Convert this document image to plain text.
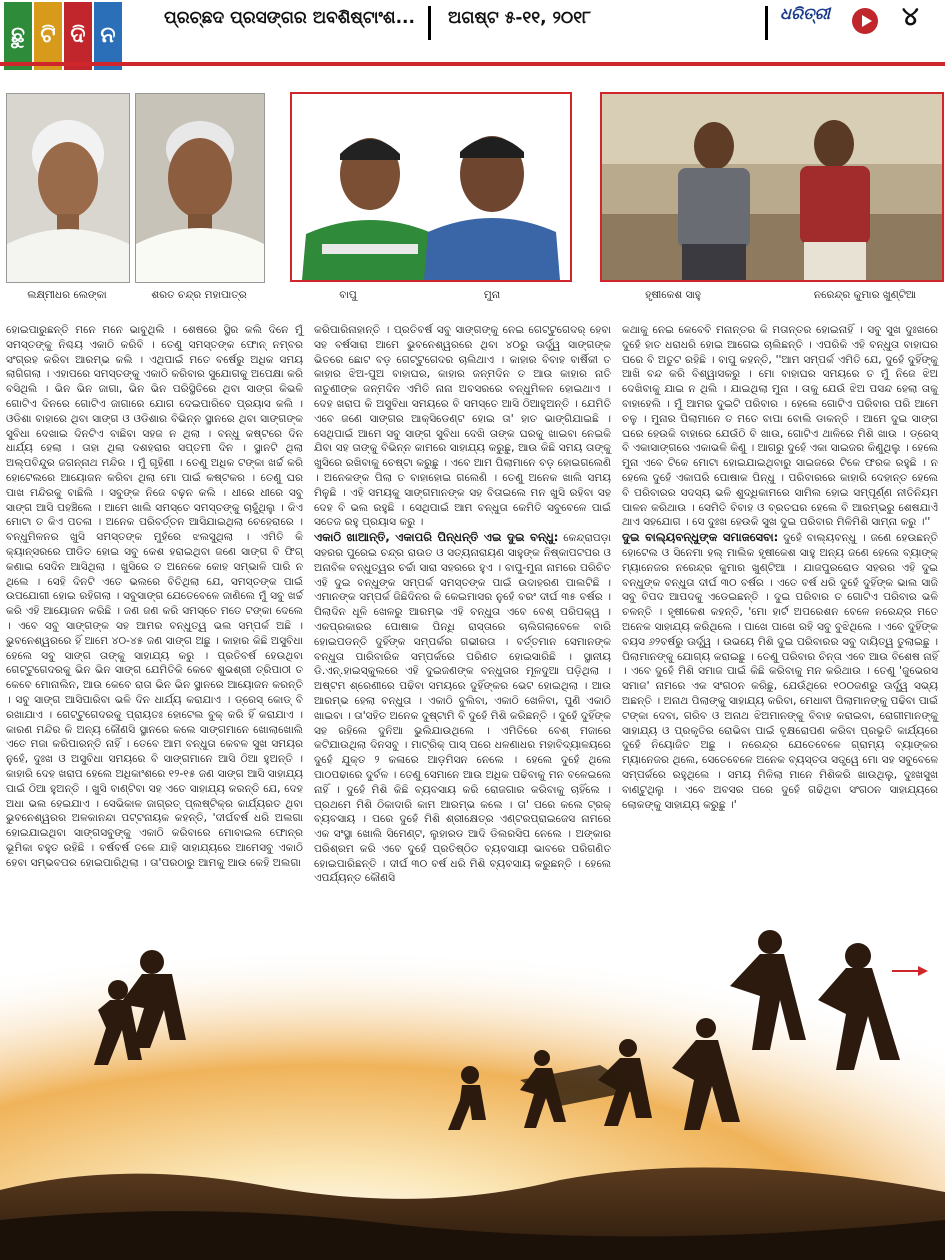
ଛୁ ଟି ଦି ନ
ପ୍ରଚ୍ଛଦ ପ୍ରସଙ୍ଗର ଅବଶିଷ୍ଟାଂଶ... ଅଗଷ୍ଟ ୫-୧୧, ୨୦୧୮	ଧରିତ୍ରୀ	୪
ଲକ୍ଷ୍ମୀଧର ଲେଙ୍କା	ଶରତ ଚନ୍ଦ୍ର ମହାପାତ୍ର	ବାପୁ	ମୁନା	ହୃଷୀକେଶ ସାହୁ	ନରେନ୍ଦ୍ର କୁମାର ଖୁଣ୍ଟିଆ

ହୋଇପାରୁଛନ୍ତି ମନେ ମନେ ଭାବୁଥିଲି । ଶେଷରେ ସ୍ଥିର କଲି ଦିନେ ମୁଁ ସମସ୍ତଙ୍କୁ ନିଶ୍ଚୟ ଏକାଠି କରିବି । ତେଣୁ ସମସ୍ତଙ୍କ ଫୋନ୍ ନମ୍ବର ସଂଗ୍ରହ କରିବା ଆରମ୍ଭ କଲି । ଏଥିପାଇଁ ମତେ ବର୍ଷେରୁ ଅଧିକ ସମୟ ଲାଗିଗଲା । ଏହାପରେ ସମସ୍ତଙ୍କୁ ଏକାଠି କରିବାର ସୁଯୋଗକୁ ଅପେକ୍ଷା କରି ବସିଥିଲି । ଭିନ ଭିନ ଜାଗା, ଭିନ ଭିନ ପରିସ୍ଥିତିରେ ଥିବା ସାଙ୍ଗ କିଭଳି ଗୋଟିଏ ଦିନରେ ଗୋଟିଏ ଜାଗାରେ ଯୋଗ ଦେଇପାରିବେ ପ୍ରୟାସ କଲି । ଓଡିଶା ବାହାରେ ଥିବା ସାଙ୍ଗ ଓ ଓଡିଶାର ବିଭିନ୍ନ ସ୍ଥାନରେ ଥିବା ସାଙ୍ଗଙ୍କ ସୁବିଧା ଦେଖାଇ ଦିନଟିଏ ବାଛିବା ସହଜ ନ ଥିଲା । ବନ୍ଧୁ କଷ୍ଟରେ ଦିନ ଧାର୍ଯ୍ୟ ହେଲା । ତାହା ଥିଲା ଦଶହରାର ସପ୍ତମୀ ଦିନ । ସ୍ଥାନଟି ଥିଲା ଅଲ୍ପବିନ୍ଦୁର ଜଗନ୍ନାଥ ମନ୍ଦିର । ମୁଁ ଗୃହିଣୀ । ତେଣୁ ଅଧିକ ଟଙ୍କା ଖର୍ଚ୍ଚ କରି ହୋଟେଲରେ ଆୟୋଜନ କରିବା ଥିଲା ମୋ ପାଇଁ କଷ୍ଟକର । ତେଣୁ ଘର ପାଖ ମନ୍ଦିରକୁ ବାଛିଲି । ସବୁଙ୍କ ନିଜେ ବଢ଼ନ କଲି । ଧୀରେ ଧୀରେ ସବୁ ସାଙ୍ଗ ଆସି ପହଞ୍ଚିଲେ । ଆମେ ଖାଲି ସମସ୍ତେ ସମସ୍ତଙ୍କୁ ଚାହୁଁଥିଲୁ । କିଏ ମୋଟା ତ କିଏ ପତଳା । ଅନେକ ପରିବର୍ତ୍ତନ ଆସିଯାଇଥିଲା ଚେହେରାରେ । ବନ୍ଧୁମିଳନର ଖୁସି ସମସ୍ତଙ୍କ ମୁହଁରେ ଝଲସୁଥିଲା । ଏମିତି କି କ୍ୟାନ୍ସରରେ ପୀଡିତ ହୋଇ ସବୁ କେଶ ହରାଇଥିବା ଜଣେ ସାଙ୍ଗ ବି ଫିଗ୍ କଣାଇ ସେଦିନ ଆସିଥିଲା । ଖୁସିରେ ତ ଅନେକେ କୋହ ସମ୍ଭାଳି ପାରି ନ ଥିଲେ । ସେହି ଦିନଟି ଏତେ ଭଲରେ ବିତିଥିଲା ଯେ, ସମସ୍ତଙ୍କ ପାଇଁ ଉପଯୋଗୀ ହୋଇ ରହିଗଲା । ସବୁସାଙ୍ଗ ଯେତେବେଳେ ଜାଣିଲେ ମୁଁ ସବୁ ଖର୍ଚ୍ଚ କରି ଏହି ଆୟୋଜନ କରିଛି । ଜଣ ଜଣ କରି ସମସ୍ତେ ମତେ ଟଙ୍କା ଦେଲେ । ଏବେ ସବୁ ସାଙ୍ଗଙ୍କ ସହ ଆମର ବନ୍ଧୁତ୍ୱ ଭଲ ସମ୍ପର୍କ ଅଛି । ଭୁବନେଶ୍ୱରରେ ହିଁ ଆମେ ୪୦-୪୫ ଜଣ ସାଙ୍ଗ ଅଛୁ । କାହାର କିଛି ଅସୁବିଧା ହେଲେ ସବୁ ସାଙ୍ଗ ତାଙ୍କୁ ସାହାଯ୍ୟ କରୁ । ପ୍ରତିବର୍ଷ ହେଉଥିବା ଗେଟ୍ଟୁଗେଦରକୁ ଭିନ ଭିନ ସାଙ୍ଗ ଯେମିତିକି କେବେ ଶୁଭଶ୍ରୀ ତ୍ରିପାଠୀ ତ କେବେ ମୋନାଲିନ, ଆଉ କେବେ ରାତା ଭିନ ଭିନ ସ୍ଥାନରେ ଆୟୋଜନ କରନ୍ତି । ସବୁ ସାଙ୍ଗ ଆସିପାରିବା ଭଳି ଦିନ ଧାର୍ଯ୍ୟ କରାଯାଏ । ଡ୍ରେସ୍ କୋଡ୍ ବି ରଖାଯାଏ । ଗେଟ୍ଟୁଗେଦରକୁ ପ୍ରାୟତଃ ହୋଟେଲ ବୁକ୍ କରି ହିଁ କରାଯାଏ । କାରଣ ମନ୍ଦିର କି ଅନ୍ୟ କୌଣସି ସ୍ଥାନରେ କଲେ ସାଙ୍ଗମାନେ ଖୋଲାଖୋଲି ଏତେ ମଜା କରିପାରନ୍ତି ନାହିଁ । ତେବେ ଆମ ବନ୍ଧୁତା କେବଳ ସୁଖ ସମୟର ନୁହେଁ, ଦୁଃଖ ଓ ଅସୁବିଧା ସମୟରେ ବି ସାଙ୍ଗମାନେ ଆସି ଠିଆ ହୁଅନ୍ତି । କାହାରି ଦେହ ଖରାପ ହେଲେ ଅଧିକାଂଶରେ ୧୨-୧୫ ଜଣ ସାଙ୍ଗ ଆସି ସାହାଯ୍ୟ ପାଇଁ ଠିଆ ହୁଅନ୍ତି । ଖୁସି ବାଣ୍ଟିବା ସହ ଏତେ ସାହାଯ୍ୟ କରନ୍ତି ଯେ, ଦେହ ଅଧା ଭଲ ହେଇଯାଏ । ସେଭିକାଳ ଜାଗ୍ରତ୍ ପ୍ଲଷ୍ଟିକ୍‌ର କାର୍ଯ୍ୟରତ ଥିବା ଭୁବନେଶ୍ୱରର ଅଳକାନନ୍ଦା ପଟ୍ଟନାୟକ କହନ୍ତି, 'ଦୀର୍ଘବର୍ଷ ଧରି ଅଲଗା ହୋଇଯାଇଥିବା ସାଙ୍ଗସବୁଙ୍କୁ ଏକାଠି କରିବାରେ ମୋବାଇଲ ଫୋନ୍‌ର ଭୂମିକା ବହୁତ ରହିଛି । ବର୍ଷବର୍ଷ ତଳେ ଯାହି ସାହାଯ୍ୟରେ ଆମେସବୁ ଏକାଠି ହେବା ସମ୍ଭବପର ହୋଇପାରିଥିଲା । ତା'ପରଠାରୁ ଆମକୁ ଆଉ କେହି ଅଲଗା

କରିପାରିନାହାନ୍ତି । ପ୍ରତିବର୍ଷ ସବୁ ସାଙ୍ଗଙ୍କୁ ନେଇ ଗେଟ୍ଟୁଗେଦର୍ ହେବା ସହ ବର୍ଷସାରା ଆମେ ଭୁବନେଶ୍ୱରରେ ଥିବା ୪୦ରୁ ଊର୍ଦ୍ଧ୍ୱ ସାଙ୍ଗଙ୍କ ଭିତରେ ଛୋଟ ବଡ଼ ଗେଟ୍ଟୁଗେଦର ଚାଲିଥାଏ । କାହାର ବିବାହ ବାର୍ଷିକୀ ତ କାହାର ଝିଅ-ପୁଅ ବାହାଘର, କାହାର ଜନ୍ମଦିନ ତ ଆଉ କାହାର ନାତି ନାତୁଣୀଙ୍କ ଜନ୍ମଦିନ ଏମିତି ନାନା ଅବସରରେ ବନ୍ଧୁମିଳନ ହୋଇଥାଏ । ଦେହ ଖରାପ କି ଅସୁବିଧା ସମୟରେ ବି ସମସ୍ତେ ଆସି ଠିଆହୁଅନ୍ତି । ଯେମିତି ଏବେ ଜଣେ ସାଙ୍ଗର ଆକ୍ସିଡେଣ୍ଟ ହୋଇ ତା' ହାତ ଭାଙ୍ଗିଯାଇଛି । ସେଥିପାଇଁ ଆମେ ସବୁ ସାଙ୍ଗ ସୁବିଧା ଦେଖି ତାଙ୍କ ଘରକୁ ଖାଇବା ନେଇକି ଯିବା ସହ ତାଙ୍କୁ ବିଭିନ୍ନ କାମରେ ସାହାଯ୍ୟ କରୁଛୁ, ଆଉ କିଛି ସମୟ ତାଙ୍କୁ ଖୁସିରେ ରଖିବାକୁ ଚେଷ୍ଟା କରୁଛୁ । ଏବେ ଆମ ପିଲାମାନେ ବଡ଼ ହୋଇଗଲେଣି । ଅନେକଙ୍କ ପିଲା ତ ବାହାହୋଇ ଗଲେଣି । ତେଣୁ ଅନେକ ଖାଲି ସମୟ ମିଳୁଛି । ଏହି ସମୟକୁ ସାଙ୍ଗମାନଙ୍କ ସହ ବିତାଇଲେ ମନ ଖୁସି ରହିବା ସହ ଦେହ ବି ଭଲ ରହୁଛି । ସେଥିପାଇଁ ଆମ ବନ୍ଧୁତା କେମିତି ସବୁବେଳେ ପାଇଁ ସତେଜ ରହୁ ପ୍ରୟାସ କରୁ ।

ଏକାଠି ଖାଆନ୍ତି, ଏକାପରି ପିନ୍ଧନ୍ତି ଏଇ ଦୁଇ ବନ୍ଧୁ: କେନ୍ଦ୍ରାପଡ଼ା ସହରର ପୁରେଇ ଚନ୍ଦ୍ର ରାଉତ ଓ ସତ୍ୟନାରାୟଣ ସାହୁଙ୍କ ନିଷ୍କାପଟପର ଓ ଅନାବିଳ ବନ୍ଧୁତ୍ୱର ଚର୍ଚ୍ଚା ସାରା ସହରରେ ହୁଏ । ବାପୁ-ମୁନା ନାମରେ ପରିଚିତ ଏହି ଦୁଇ ବନ୍ଧୁଙ୍କ ସମ୍ପର୍କ ସମସ୍ତଙ୍କ ପାଇଁ ଉଦାହରଣ ପାଲଟିଛି । ଏମାନଙ୍କ ସମ୍ପର୍କ ଜିଛିଦିନର କି କେଇମାସର ନୁହେଁ ବରଂ ଦୀର୍ଘ ୩୫ ବର୍ଷର । ପିଲାଦିନ ଧୂଳି ଖେଳରୁ ଆରମ୍ଭ ଏହି ବନ୍ଧୁତା ଏବେ ବେଶ୍ ପରିପକ୍ୱ । ଏକପ୍ରକାରର ପୋଷାକ ପିନ୍ଧି ରାସ୍ତାରେ ଚାଲିଗଲାବେଳେ ବାରି ହୋଇପଡନ୍ତି ଦୁହିଁଙ୍କ ସମ୍ପର୍କର ଗଭୀରତା । ବର୍ତ୍ତମାନ ସେମାନଙ୍କ ବନ୍ଧୁତା ପାରିବାରିକ ସମ୍ପର୍କରେ ପରିଣତ ହୋଇସାରିଛି । ସ୍ଥାନୀୟ ଡି.ଏନ୍.ହାଇସ୍କୁଲରେ ଏହି ଦୁଇଜଣଙ୍କ ବନ୍ଧୁତାର ମୂଳଦୁଆ ପଡ଼ିଥିଲା । ଅଷ୍ଟମ ଶ୍ରେଣୀରେ ପଢିବା ସମୟରେ ଦୁହିଁଙ୍କର ଭେଟ ହୋଇଥିଲା । ଆଉ ଆରମ୍ଭ ହେଲା ବନ୍ଧୁତା । ଏକାଠି ବୁଲିବା, ଏକାଠି ଖେଳିବା, ପୁଣି ଏକାଠି ଖାଇବା । ତା'ସହିତ ଅନେକ ଦୁଷ୍ଟାମି ବି ଦୁହେଁ ମିଶି କରିଛନ୍ତି । ଦୁହେଁ ଦୁହିଁଙ୍କ ସହ ରହିଲେ ଦୁନିଆ ଭୁଲିଯାଉଥିଲେ । ଏମିତିରେ ବେଶ୍ ମଜାରେ କଟିଯାଉଥିଲା ଦିନସବୁ । ମାଟ୍ରିକ୍ ପାସ୍ ପରେ ଧଳଣାଧର ମହାବିଦ୍ୟାଳୟରେ ଦୁହେଁ ଯୁକ୍ତ ୨ କଳାରେ ଆଡ଼ମିସନ ନେଲେ । ହେଲେ ଦୁହେଁ ଥିଲେ ପାଠପଢାରେ ଦୁର୍ବଳ । ତେଣୁ ସେମାନେ ଆଉ ଅଧିକ ପଢିବାକୁ ମନ ବଳେଇଲେ ନାହିଁ । ଦୁହେଁ ମିଶି କିଛି ବ୍ୟବସାୟ କରି ରୋଜଗାର କରିବାକୁ ଚାହିଁଲେ । ପ୍ରଥମେ ମିଶି ଠିକାଦାରି କାମ ଆରମ୍ଭ କଲେ । ତା' ପରେ କଲେ ଟ୍ରକ୍ ବ୍ୟବସାୟ । ପରେ ଦୁହେଁ ମିଶି ଶ୍ରୀକ୍ଷେତ୍ର ଏଣ୍ଟରପ୍ରାଇଜେସ ନାମରେ ଏକ ସଂସ୍ଥା ଖୋଲି ସିମେଣ୍ଟ, ଲୁହାରଡ ଆଦି ଡିଲରସିପ ନେଲେ । ଅଙ୍କାର ପରିଶ୍ରମ କରି ଏବେ ଦୁହେଁ ପ୍ରତିଷ୍ଠିତ ବ୍ୟବସାୟୀ ଭାବରେ ପରିଗଣିତ ହୋଇପାରିଛନ୍ତି । ଦୀର୍ଘ ୩୦ ବର୍ଷ ଧରି ମିଶି ବ୍ୟବସାୟ କରୁଛନ୍ତି । ହେଲେ ଏପର୍ଯ୍ୟନ୍ତ କୌଣସି

କଥାକୁ ନେଇ କେବେବି ମନାନ୍ତର କି ମତାନ୍ତର ହୋଇନାହିଁ । ସବୁ ସୁଖ ଦୁଃଖରେ ଦୁହେଁ ହାତ ଧରାଧରି ହୋଇ ଆଗେଇ ଚାଲିଛନ୍ତି । ଏପରିକି ଏହି ବନ୍ଧୁତା ବାହାଘର ପରେ ବି ଅତୁଟ ରହିଛି । ବାପୁ କହନ୍ତି, ''ଆମ ସମ୍ପର୍କ ଏମିତି ଯେ, ଦୁହେଁ ଦୁହିଁଙ୍କୁ ଆଖି ବନ୍ଦ କରି ବିଶ୍ୱାସକରୁ । ମୋ ବାହାଘର ସମୟରେ ତ ମୁଁ ନିଜେ ଝିଅ ଦେଖିବାକୁ ଯାଇ ନ ଥିଲି । ଯାଇଥିଲା ମୁନା । ତାକୁ ଯେଉଁ ଝିଅ ପସନ୍ଦ ହେଲା ତାକୁ ବାହାହେଲି । ମୁଁ ଆମର ଦୁଇଟି ପରିବାର । ହେଲେ ଗୋଟିଏ ପରିବାର ପରି ଆମେ ଚଳୁ । ମୁନାର ପିଲାମାନେ ତ ମତେ ବାପା ବୋଲି ଡାକନ୍ତି । ଆମେ ଦୁଇ ସାଙ୍ଗ ଘରେ ହେଉକି ବାହାରେ ଯେଉଁଠି ବି ଖାଉ, ଗୋଟିଏ ଥାଳିରେ ମିଶି ଖାଉ । ଡ୍ରେସ୍ ବି ଏକାସାଙ୍ଗରେ ଏକାଭଳି କିଣୁ । ଆଗରୁ ଦୁହେଁ ଏକା ସାଇଜର କିଣୁଥିଲୁ । ହେଲେ ମୁନା ଏବେ ଟିକେ ମୋଟା ହୋଇଯାଇଥିବାରୁ ସାଇଜରେ ଟିକେ ଫରକ ରହୁଛି । ନ ହେଲେ ଦୁହେଁ ଏକାପରି ପୋଷାକ ପିନ୍ଧୁ । ପରିବାରରେ କାହାରି ଦେହାନ୍ତ ହେଲେ ବି ପରିବାରର ସଦସ୍ୟ ଭଳି ଶୁଦ୍ଧିକାମରେ ସାମିଲ ହୋଇ ସମ୍ପୂର୍ଣ୍ଣ ନୀତିନିୟମ ପାଳନ କରିଥାଉ । ସେମିତି ବିବାହ ଓ ବ୍ରତଘର ହେଲେ ବି ଆରମ୍ଭରୁ ଶେଷଯାଏଁ ଥାଏ ସହଯୋଗ । ସେ ଦୁଃଖ ହେଉକି ସୁଖ ଦୁଇ ପରିବାର ମିଳିମିଶି ସାମ୍ନା କରୁ ।''

ଦୁଇ ବାଲ୍ୟବନ୍ଧୁଙ୍କ ସମାଜସେବା: ଦୁହେଁ ବାଲ୍ୟବନ୍ଧୁ । ଜଣେ ହେଉଛନ୍ତି ହୋଟେଲ ଓ ସିନେମା ହଲ୍ ମାଲିକ ହୃଷୀକେଶ ସାହୁ ଅନ୍ୟ ଜଣେ ହେଲେ ବ୍ୟାଙ୍କ୍ ମ୍ୟାନେଜର ନରେନ୍ଦ୍ର କୁମାର ଖୁଣ୍ଟିଆ । ଯାଜପୁରରୋଡ ସହରର ଏହି ଦୁଇ ବନ୍ଧୁଙ୍କ ବନ୍ଧୁତା ଦୀର୍ଘ ୩୦ ବର୍ଷର । ଏତେ ବର୍ଷ ଧରି ଦୁହେଁ ଦୁହିଁଙ୍କ ଭାଲ ସାଜି ସବୁ ବିପଦ ଆପଦକୁ ଏଡେଇଛନ୍ତି । ଦୁଇ ପରିବାର ତ ଗୋଟିଏ ପରିବାର ଭଳି ଚଳନ୍ତି । ହୃଷୀକେଶ କହନ୍ତି, 'ମୋ ହାର୍ଟ ଅପରେଶନ ବେଳେ ନରେନ୍ଦ୍ର ମତେ ଅନେକ ସାହାଯ୍ୟ କରିଥିଲେ । ପାଖେ ପାଖେ ରହି ସବୁ ବୁଝିଥିଲେ । ଏବେ ଦୁହିଁଙ୍କ ବୟସ ୬୨ବର୍ଷରୁ ଊର୍ଦ୍ଧ୍ୱ । ଉଭୟେ ମିଶି ଦୁଇ ପରିବାରର ସବୁ ଦାୟିତ୍ୱ ତୁଲାଇଛୁ । ପିଲାମାନଙ୍କୁ ଯୋଗ୍ୟ କରାଇଛୁ । ତେଣୁ ପରିବାର ଚିନ୍ତା ଏବେ ଆଉ ବିଶେଷ ନାହିଁ । ଏବେ ଦୁହେଁ ମିଶି ସମାଜ ପାଇଁ କିଛି କରିବାକୁ ମନ କରିଥାଉ । ତେଣୁ 'ଜୁଭେରସ ସମାଜ' ନାମରେ ଏକ ସଂଗଠନ କରିଛୁ, ଯେଉଁଥିରେ ୧୦୦ଜଣରୁ ଊର୍ଦ୍ଧ୍ୱ ସଭ୍ୟ ଅଛନ୍ତି । ଅନାଥ ପିଲାଙ୍କୁ ସାହାଯ୍ୟ କରିବା, ମେଧାବୀ ପିଲାମାନଙ୍କୁ ପଢିବା ପାଇଁ ଟଙ୍କା ଦେବା, ଗରିବ ଓ ଅନାଥ ଝିଅମାନଙ୍କୁ ବିବାହ କରାଇବା, ରୋଗୀମାନଙ୍କୁ ସାହାଯ୍ୟ ଓ ପ୍ରକୃତିର ରୋଭିବା ପାଇଁ ବୃକ୍ଷରୋପଣ କରିବା ପ୍ରଭୃତି କାର୍ଯ୍ୟରେ ଦୁହେଁ ନିୟୋଜିତ ଅଛୁ । ନରେନ୍ଦ୍ର ଯେତେବେଳେ ଗ୍ରାମ୍ୟ ବ୍ୟାଙ୍କର ମ୍ୟାନେଜର ଥିଲେ, ସେତେବେଳେ ଅନେକ ବ୍ୟସ୍ତତା ସତ୍ତ୍ୱେ ମୋ ସହ ସବୁବେଳେ ସମ୍ପର୍କରେ ରହୁଥିଲେ । ସମୟ ମିଳିଲା ମାନେ ମିଶିକରି ଖାଉଥିଲୁ, ଦୁଃଖସୁଖ ବାଣ୍ଟୁଥିଲୁ । ଏବେ ଅବସର ପରେ ଦୁହେଁ ଗଢିଥିବା ସଂଗଠନ ସାହାଯ୍ୟରେ ଲୋକଙ୍କୁ ସାହାଯ୍ୟ କରୁଛୁ ।'
